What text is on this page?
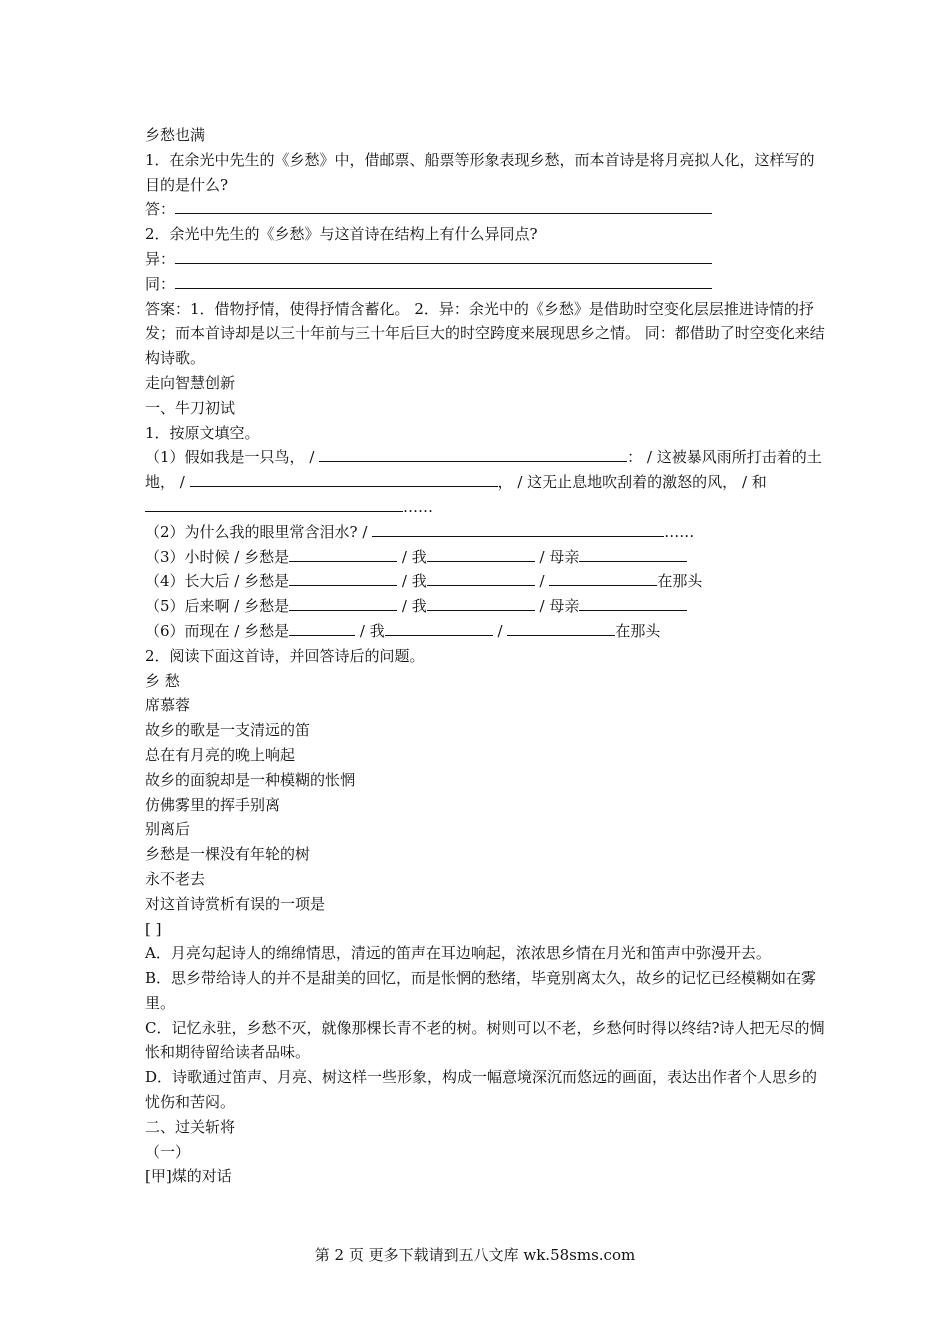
乡愁也满
1．在余光中先生的《乡愁》中，借邮票、船票等形象表现乡愁，而本首诗是将月亮拟人化，这样写的目的是什么?
答：
2．余光中先生的《乡愁》与这首诗在结构上有什么异同点?
异：
同：
答案：1．借物抒情，使得抒情含蓄化。 2．异：余光中的《乡愁》是借助时空变化层层推进诗情的抒发；而本首诗却是以三十年前与三十年后巨大的时空跨度来展现思乡之情。 同：都借助了时空变化来结构诗歌。
走向智慧创新
一、牛刀初试
1．按原文填空。
（1）假如我是一只鸟， /	： / 这被暴风雨所打击着的土地， /	， / 这无止息地吹刮着的激怒的风， / 和……
（2）为什么我的眼里常含泪水? /	……
（3）小时候 / 乡愁是	/ 我	/ 母亲
（4）长大后 / 乡愁是	/ 我	/	在那头
（5）后来啊 / 乡愁是	/ 我	/ 母亲
（6）而现在 / 乡愁是	/ 我	/	在那头
2．阅读下面这首诗，并回答诗后的问题。
乡 愁
席慕蓉
故乡的歌是一支清远的笛
总在有月亮的晚上响起
故乡的面貌却是一种模糊的怅惘
仿佛雾里的挥手别离
别离后
乡愁是一棵没有年轮的树
永不老去
对这首诗赏析有误的一项是
[ ]
A．月亮勾起诗人的绵绵情思，清远的笛声在耳边响起，浓浓思乡情在月光和笛声中弥漫开去。
B．思乡带给诗人的并不是甜美的回忆，而是怅惘的愁绪，毕竟别离太久，故乡的记忆已经模糊如在雾里。
C．记忆永驻，乡愁不灭，就像那棵长青不老的树。树则可以不老，乡愁何时得以终结?诗人把无尽的惆怅和期待留给读者品味。
D．诗歌通过笛声、月亮、树这样一些形象，构成一幅意境深沉而悠远的画面，表达出作者个人思乡的忧伤和苦闷。
二、过关斩将
（一）
[甲]煤的对话
第 2 页 更多下载请到五八文库 wk.58sms.com
